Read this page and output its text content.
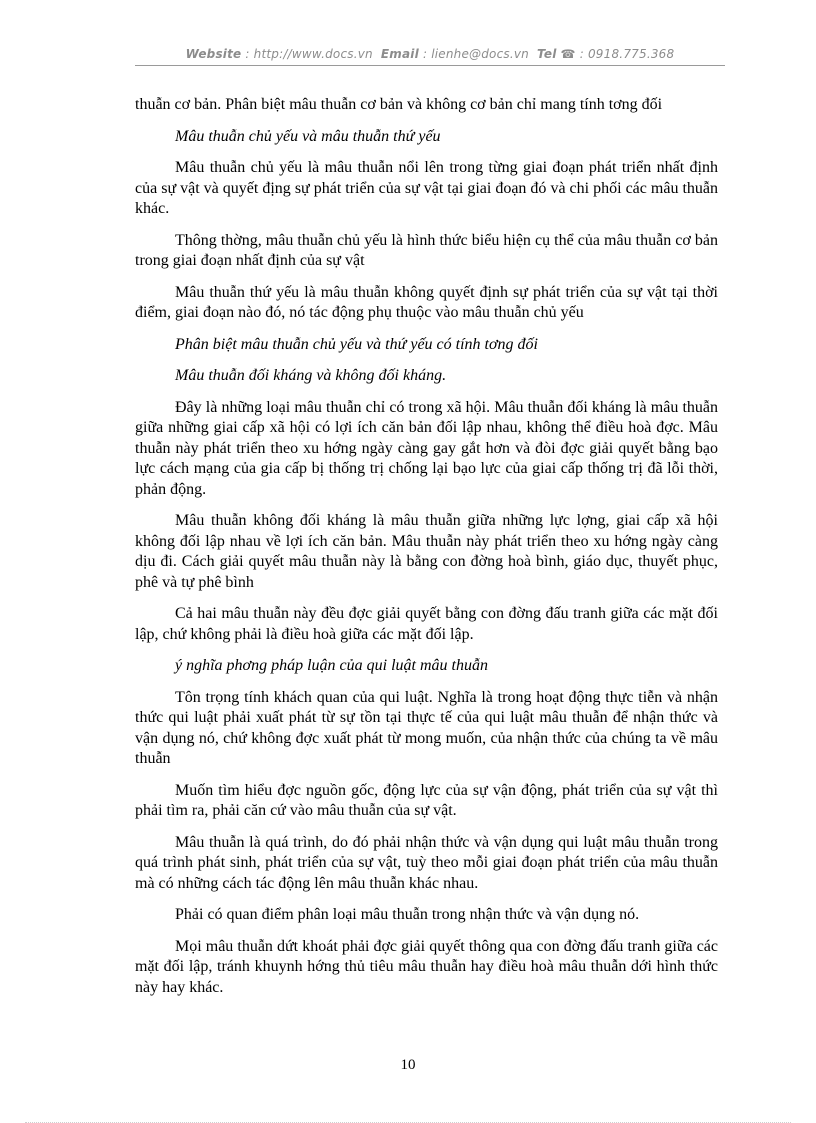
Website : http://www.docs.vn Email : lienhe@docs.vn Tel ☎ : 0918.775.368

thuẫn cơ bản. Phân biệt mâu thuẫn cơ bản và không cơ bản chỉ mang tính tơng đối

Mâu thuẫn chủ yếu và mâu thuẫn thứ yếu

Mâu thuẫn chủ yếu là mâu thuẫn nổi lên trong từng giai đoạn phát triển nhất định của sự vật và quyết địng sự phát triển của sự vật tại giai đoạn đó và chi phối các mâu thuẫn khác.

Thông thờng, mâu thuẫn chủ yếu là hình thức biểu hiện cụ thể của mâu thuẫn cơ bản trong giai đoạn nhất định của sự vật

Mâu thuẫn thứ yếu là mâu thuẫn không quyết định sự phát triển của sự vật tại thời điểm, giai đoạn nào đó, nó tác động phụ thuộc vào mâu thuẫn chủ yếu

Phân biệt mâu thuẫn chủ yếu và thứ yếu có tính tơng đối

Mâu thuẫn đối kháng và không đối kháng.

Đây là những loại mâu thuẫn chỉ có trong xã hội. Mâu thuẫn đối kháng là mâu thuẫn giữa những giai cấp xã hội có lợi ích căn bản đối lập nhau, không thể điều hoà đợc. Mâu thuẫn này phát triển theo xu hớng ngày càng gay gắt hơn và đòi đợc giải quyết bằng bạo lực cách mạng của gia cấp bị thống trị chống lại bạo lực của giai cấp thống trị đã lỗi thời, phản động.

Mâu thuẫn không đối kháng là mâu thuẫn giữa những lực lợng, giai cấp xã hội không đối lập nhau về lợi ích căn bản. Mâu thuẫn này phát triển theo xu hớng ngày càng dịu đi. Cách giải quyết mâu thuẫn này là bằng con đờng hoà bình, giáo dục, thuyết phục, phê và tự phê bình

Cả hai mâu thuẫn này đều đợc giải quyết bằng con đờng đấu tranh giữa các mặt đối lập, chứ không phải là điều hoà giữa các mặt đối lập.

ý nghĩa phơng pháp luận của qui luật mâu thuẫn

Tôn trọng tính khách quan của qui luật. Nghĩa là trong hoạt động thực tiễn và nhận thức qui luật phải xuất phát từ sự tồn tại thực tế của qui luật mâu thuẫn để nhận thức và vận dụng nó, chứ không đợc xuất phát từ mong muốn, của nhận thức của chúng ta về mâu thuẫn

Muốn tìm hiểu đợc nguồn gốc, động lực của sự vận động, phát triển của sự vật thì phải tìm ra, phải căn cứ vào mâu thuẫn của sự vật.

Mâu thuẫn là quá trình, do đó phải nhận thức và vận dụng qui luật mâu thuẫn trong quá trình phát sinh, phát triển của sự vật, tuỳ theo mỗi giai đoạn phát triển của mâu thuẫn mà có những cách tác động lên mâu thuẫn khác nhau.

Phải có quan điểm phân loại mâu thuẫn trong nhận thức và vận dụng nó.

Mọi mâu thuẫn dứt khoát phải đợc giải quyết thông qua con đờng đấu tranh giữa các mặt đối lập, tránh khuynh hớng thủ tiêu mâu thuẫn hay điều hoà mâu thuẫn dới hình thức này hay khác.

10
